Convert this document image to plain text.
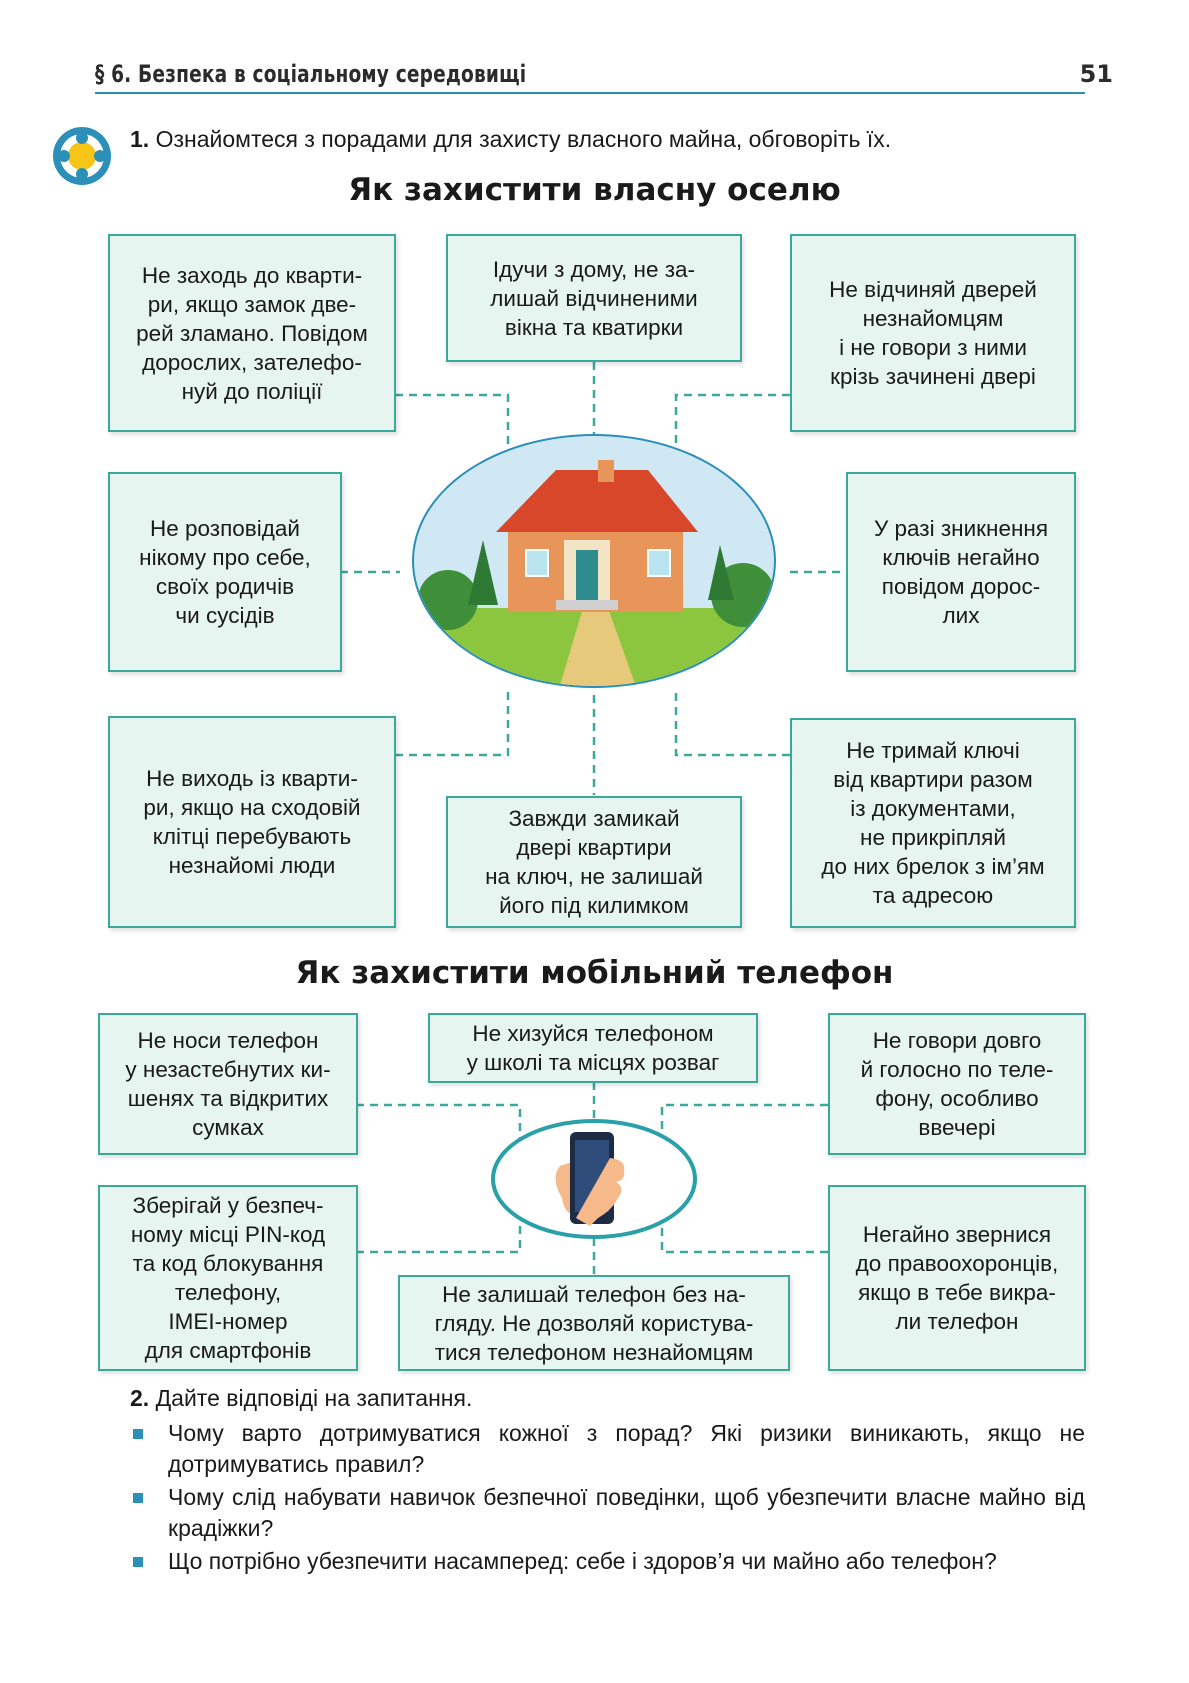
§ 6. Безпека в соціальному середовищі	51
1. Ознайомтеся з порадами для захисту власного майна, обговоріть їх.
Як захистити власну оселю
Не заходь до кварти-
ри, якщо замок две-
рей зламано. Повідом
дорослих, зателефо-
нуй до поліції
Ідучи з дому, не за-
лишай відчиненими
вікна та кватирки
Не відчиняй дверей
незнайомцям
і не говори з ними
крізь зачинені двері
Не розповідай
нікому про себе,
своїх родичів
чи сусідів
У разі зникнення
ключів негайно
повідом дорос-
лих
Не виходь із кварти-
ри, якщо на сходовій
клітці перебувають
незнайомі люди
Завжди замикай
двері квартири
на ключ, не залишай
його під килимком
Не тримай ключі
від квартири разом
із документами,
не прикріпляй
до них брелок з ім’ям
та адресою
Як захистити мобільний телефон
Не носи телефон
у незастебнутих ки-
шенях та відкритих
сумках
Не хизуйся телефоном
у школі та місцях розваг
Не говори довго
й голосно по теле-
фону, особливо
ввечері
Зберігай у безпеч-
ному місці PIN-код
та код блокування
телефону,
IMEI-номер
для смартфонів
Не залишай телефон без на-
гляду. Не дозволяй користува-
тися телефоном незнайомцям
Негайно звернися
до правоохоронців,
якщо в тебе викра-
ли телефон
2. Дайте відповіді на запитання.
Чому варто дотримуватися кожної з порад? Які ризики виникають, якщо не дотримуватись правил?
Чому слід набувати навичок безпечної поведінки, щоб убезпечити власне майно від крадіжки?
Що потрібно убезпечити насамперед: себе і здоров’я чи майно або телефон?
